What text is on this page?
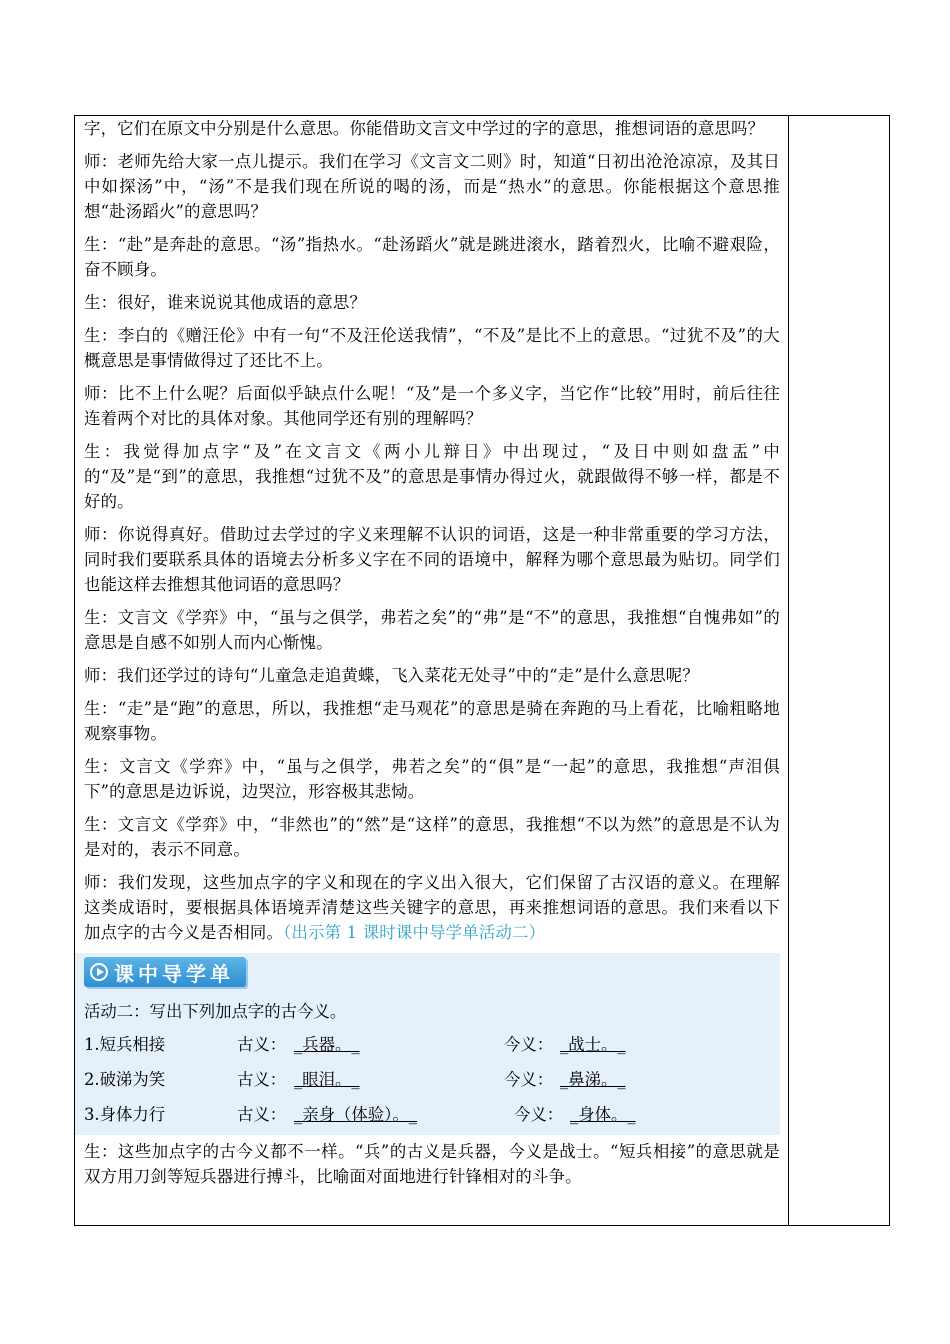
字，它们在原文中分别是什么意思。你能借助文言文中学过的字的意思，推想词语的意思吗？

师：老师先给大家一点儿提示。我们在学习《文言文二则》时，知道“日初出沧沧凉凉，及其日中如探汤”中，“汤”不是我们现在所说的喝的汤，而是“热水”的意思。你能根据这个意思推想“赴汤蹈火”的意思吗？

生：“赴”是奔赴的意思。“汤”指热水。“赴汤蹈火”就是跳进滚水，踏着烈火，比喻不避艰险，奋不顾身。

生：很好，谁来说说其他成语的意思？

生：李白的《赠汪伦》中有一句“不及汪伦送我情”，“不及”是比不上的意思。“过犹不及”的大概意思是事情做得过了还比不上。

师：比不上什么呢？后面似乎缺点什么呢！“及”是一个多义字，当它作“比较”用时，前后往往连着两个对比的具体对象。其他同学还有别的理解吗？

生：我觉得加点字“及”在文言文《两小儿辩日》中出现过，“及日中则如盘盂”中的“及”是“到”的意思，我推想“过犹不及”的意思是事情办得过火，就跟做得不够一样，都是不好的。

师：你说得真好。借助过去学过的字义来理解不认识的词语，这是一种非常重要的学习方法，同时我们要联系具体的语境去分析多义字在不同的语境中，解释为哪个意思最为贴切。同学们也能这样去推想其他词语的意思吗？

生：文言文《学弈》中，“虽与之俱学，弗若之矣”的“弗”是“不”的意思，我推想“自愧弗如”的意思是自感不如别人而内心惭愧。

师：我们还学过的诗句“儿童急走追黄蝶，飞入菜花无处寻”中的“走”是什么意思呢？

生：“走”是“跑”的意思，所以，我推想“走马观花”的意思是骑在奔跑的马上看花，比喻粗略地观察事物。

生：文言文《学弈》中，“虽与之俱学，弗若之矣”的“俱”是“一起”的意思，我推想“声泪俱下”的意思是边诉说，边哭泣，形容极其悲恸。

生：文言文《学弈》中，“非然也”的“然”是“这样”的意思，我推想“不以为然”的意思是不认为是对的，表示不同意。

师：我们发现，这些加点字的字义和现在的字义出入很大，它们保留了古汉语的意义。在理解这类成语时，要根据具体语境弄清楚这些关键字的意思，再来推想词语的意思。我们来看以下加点字的古今义是否相同。（出示第 1 课时课中导学单活动二）

课中导学单
活动二：写出下列加点字的古今义。
1.短兵相接	古义： _兵器。_	今义： _战士。_
2.破涕为笑	古义： _眼泪。_	今义： _鼻涕。_
3.身体力行	古义： _亲身（体验）。_	今义： _身体。_

生：这些加点字的古今义都不一样。“兵”的古义是兵器，今义是战士。“短兵相接”的意思就是双方用刀剑等短兵器进行搏斗，比喻面对面地进行针锋相对的斗争。
